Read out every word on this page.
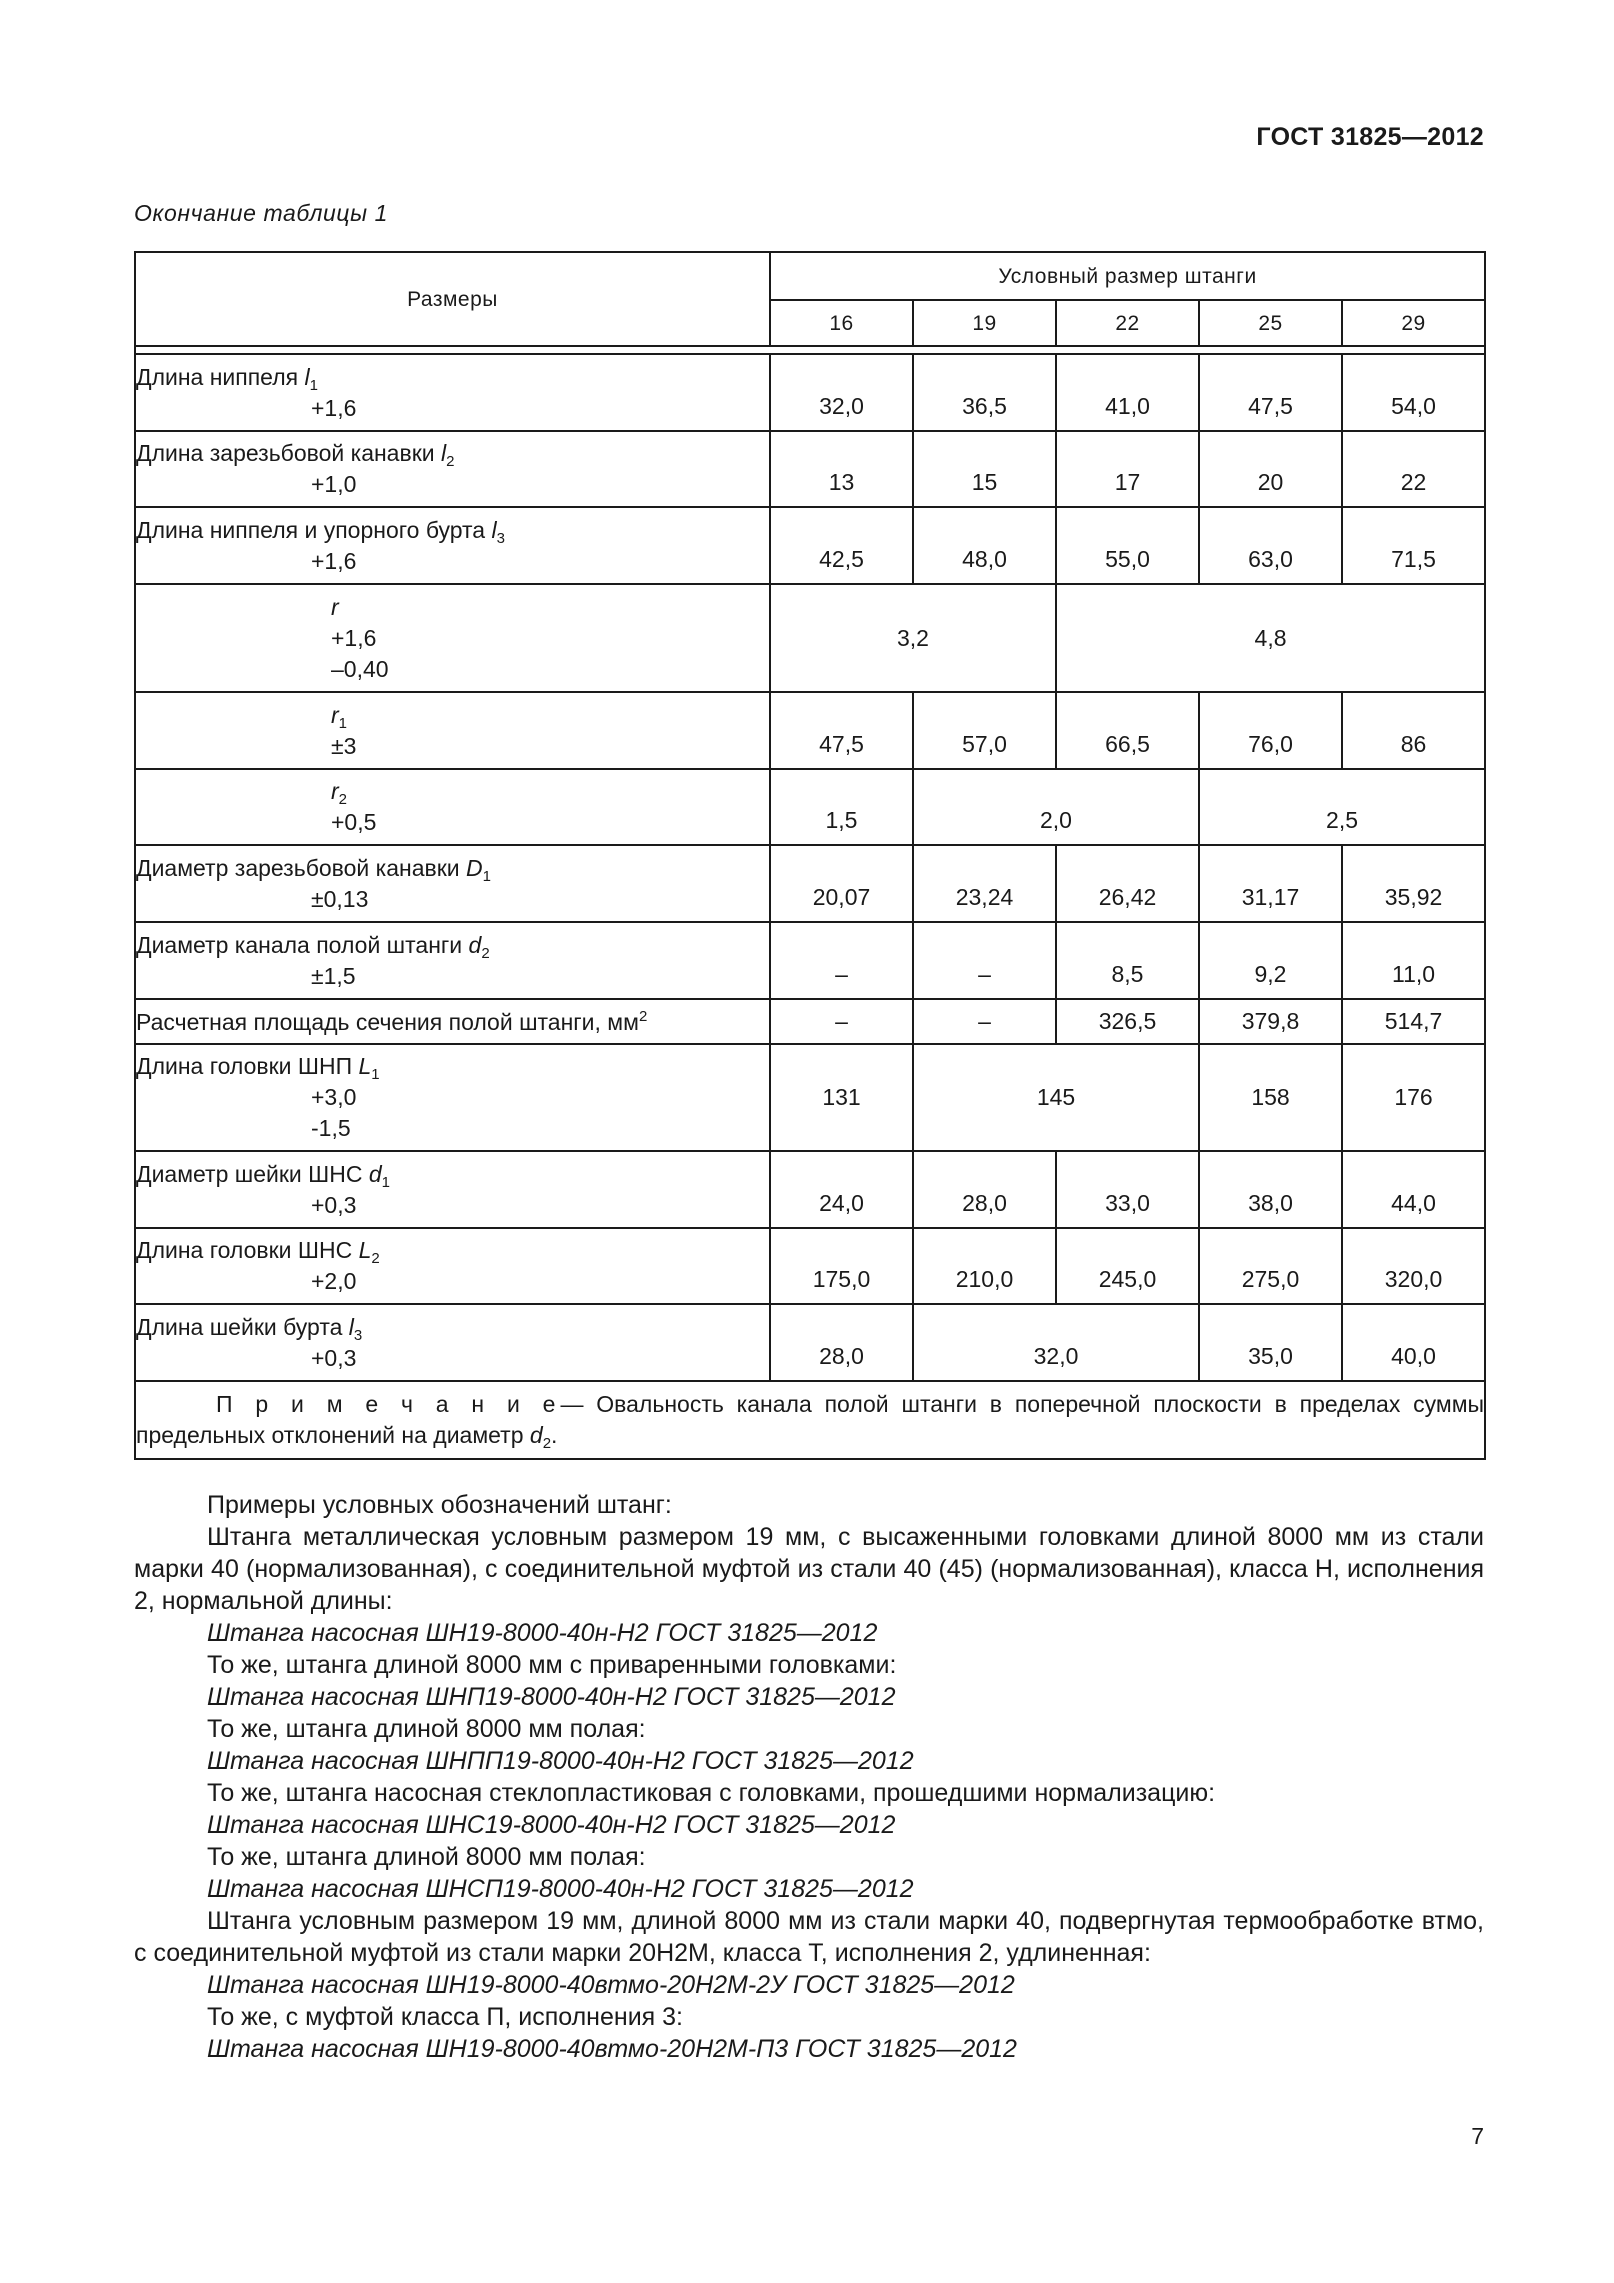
ГОСТ 31825—2012
Окончание таблицы 1
Размеры	Условный размер штанги				
	16	19	22	25	29

Длина ниппеля $l_1$
+1,6	32,0	36,5	41,0	47,5	54,0
Длина зарезьбовой канавки $l_2$
+1,0	13	15	17	20	22
Длина ниппеля и упорного бурта $l_3$
+1,6	42,5	48,0	55,0	63,0	71,5

r
+1,6
–0,40	3,2		4,8		

$r_1$
±3	47,5	57,0	66,5	76,0	86

$r_2$
+0,5	1,5	2,0		2,5	
Диаметр зарезьбовой канавки $D_1$
±0,13	20,07	23,24	26,42	31,17	35,92
Диаметр канала полой штанги $d_2$
±1,5	–	–	8,5	9,2	11,0
Расчетная площадь сечения полой штанги, $мм^2$	–	–	326,5	379,8	514,7
Длина головки ШНП $L_1$
+3,0
-1,5	131	145		158	176
Диаметр шейки ШНС $d_1$
+0,3	24,0	28,0	33,0	38,0	44,0
Длина головки ШНС $L_2$
+2,0	175,0	210,0	245,0	275,0	320,0
Длина шейки бурта $l_3$
+0,3	28,0	32,0		35,0	40,0
П р и м е ч а н и е— Овальность канала полой штанги в поперечной плоскости в пределах суммы предельных отклонений на диаметр $d_2$.					

Примеры условных обозначений штанг:

Штанга металлическая условным размером 19 мм, с высаженными головками длиной 8000 мм из стали марки 40 (нормализованная), с соединительной муфтой из стали 40 (45) (нормализованная), класса Н, исполнения 2, нормальной длины:

Штанга насосная ШН19-8000-40н-Н2 ГОСТ 31825—2012

То же, штанга длиной 8000 мм с приваренными головками:

Штанга насосная ШНП19-8000-40н-Н2 ГОСТ 31825—2012

То же, штанга длиной 8000 мм полая:

Штанга насосная ШНПП19-8000-40н-Н2 ГОСТ 31825—2012

То же, штанга насосная стеклопластиковая с головками, прошедшими нормализацию:

Штанга насосная ШНС19-8000-40н-Н2 ГОСТ 31825—2012

То же, штанга длиной 8000 мм полая:

Штанга насосная ШНСП19-8000-40н-Н2 ГОСТ 31825—2012

Штанга условным размером 19 мм, длиной 8000 мм из стали марки 40, подвергнутая термообработке втмо, с соединительной муфтой из стали марки 20Н2М, класса Т, исполнения 2, удлиненная:

Штанга насосная ШН19-8000-40втмо-20Н2М-2У ГОСТ 31825—2012

То же, с муфтой класса П, исполнения 3:

Штанга насосная ШН19-8000-40втмо-20Н2М-П3 ГОСТ 31825—2012

7
